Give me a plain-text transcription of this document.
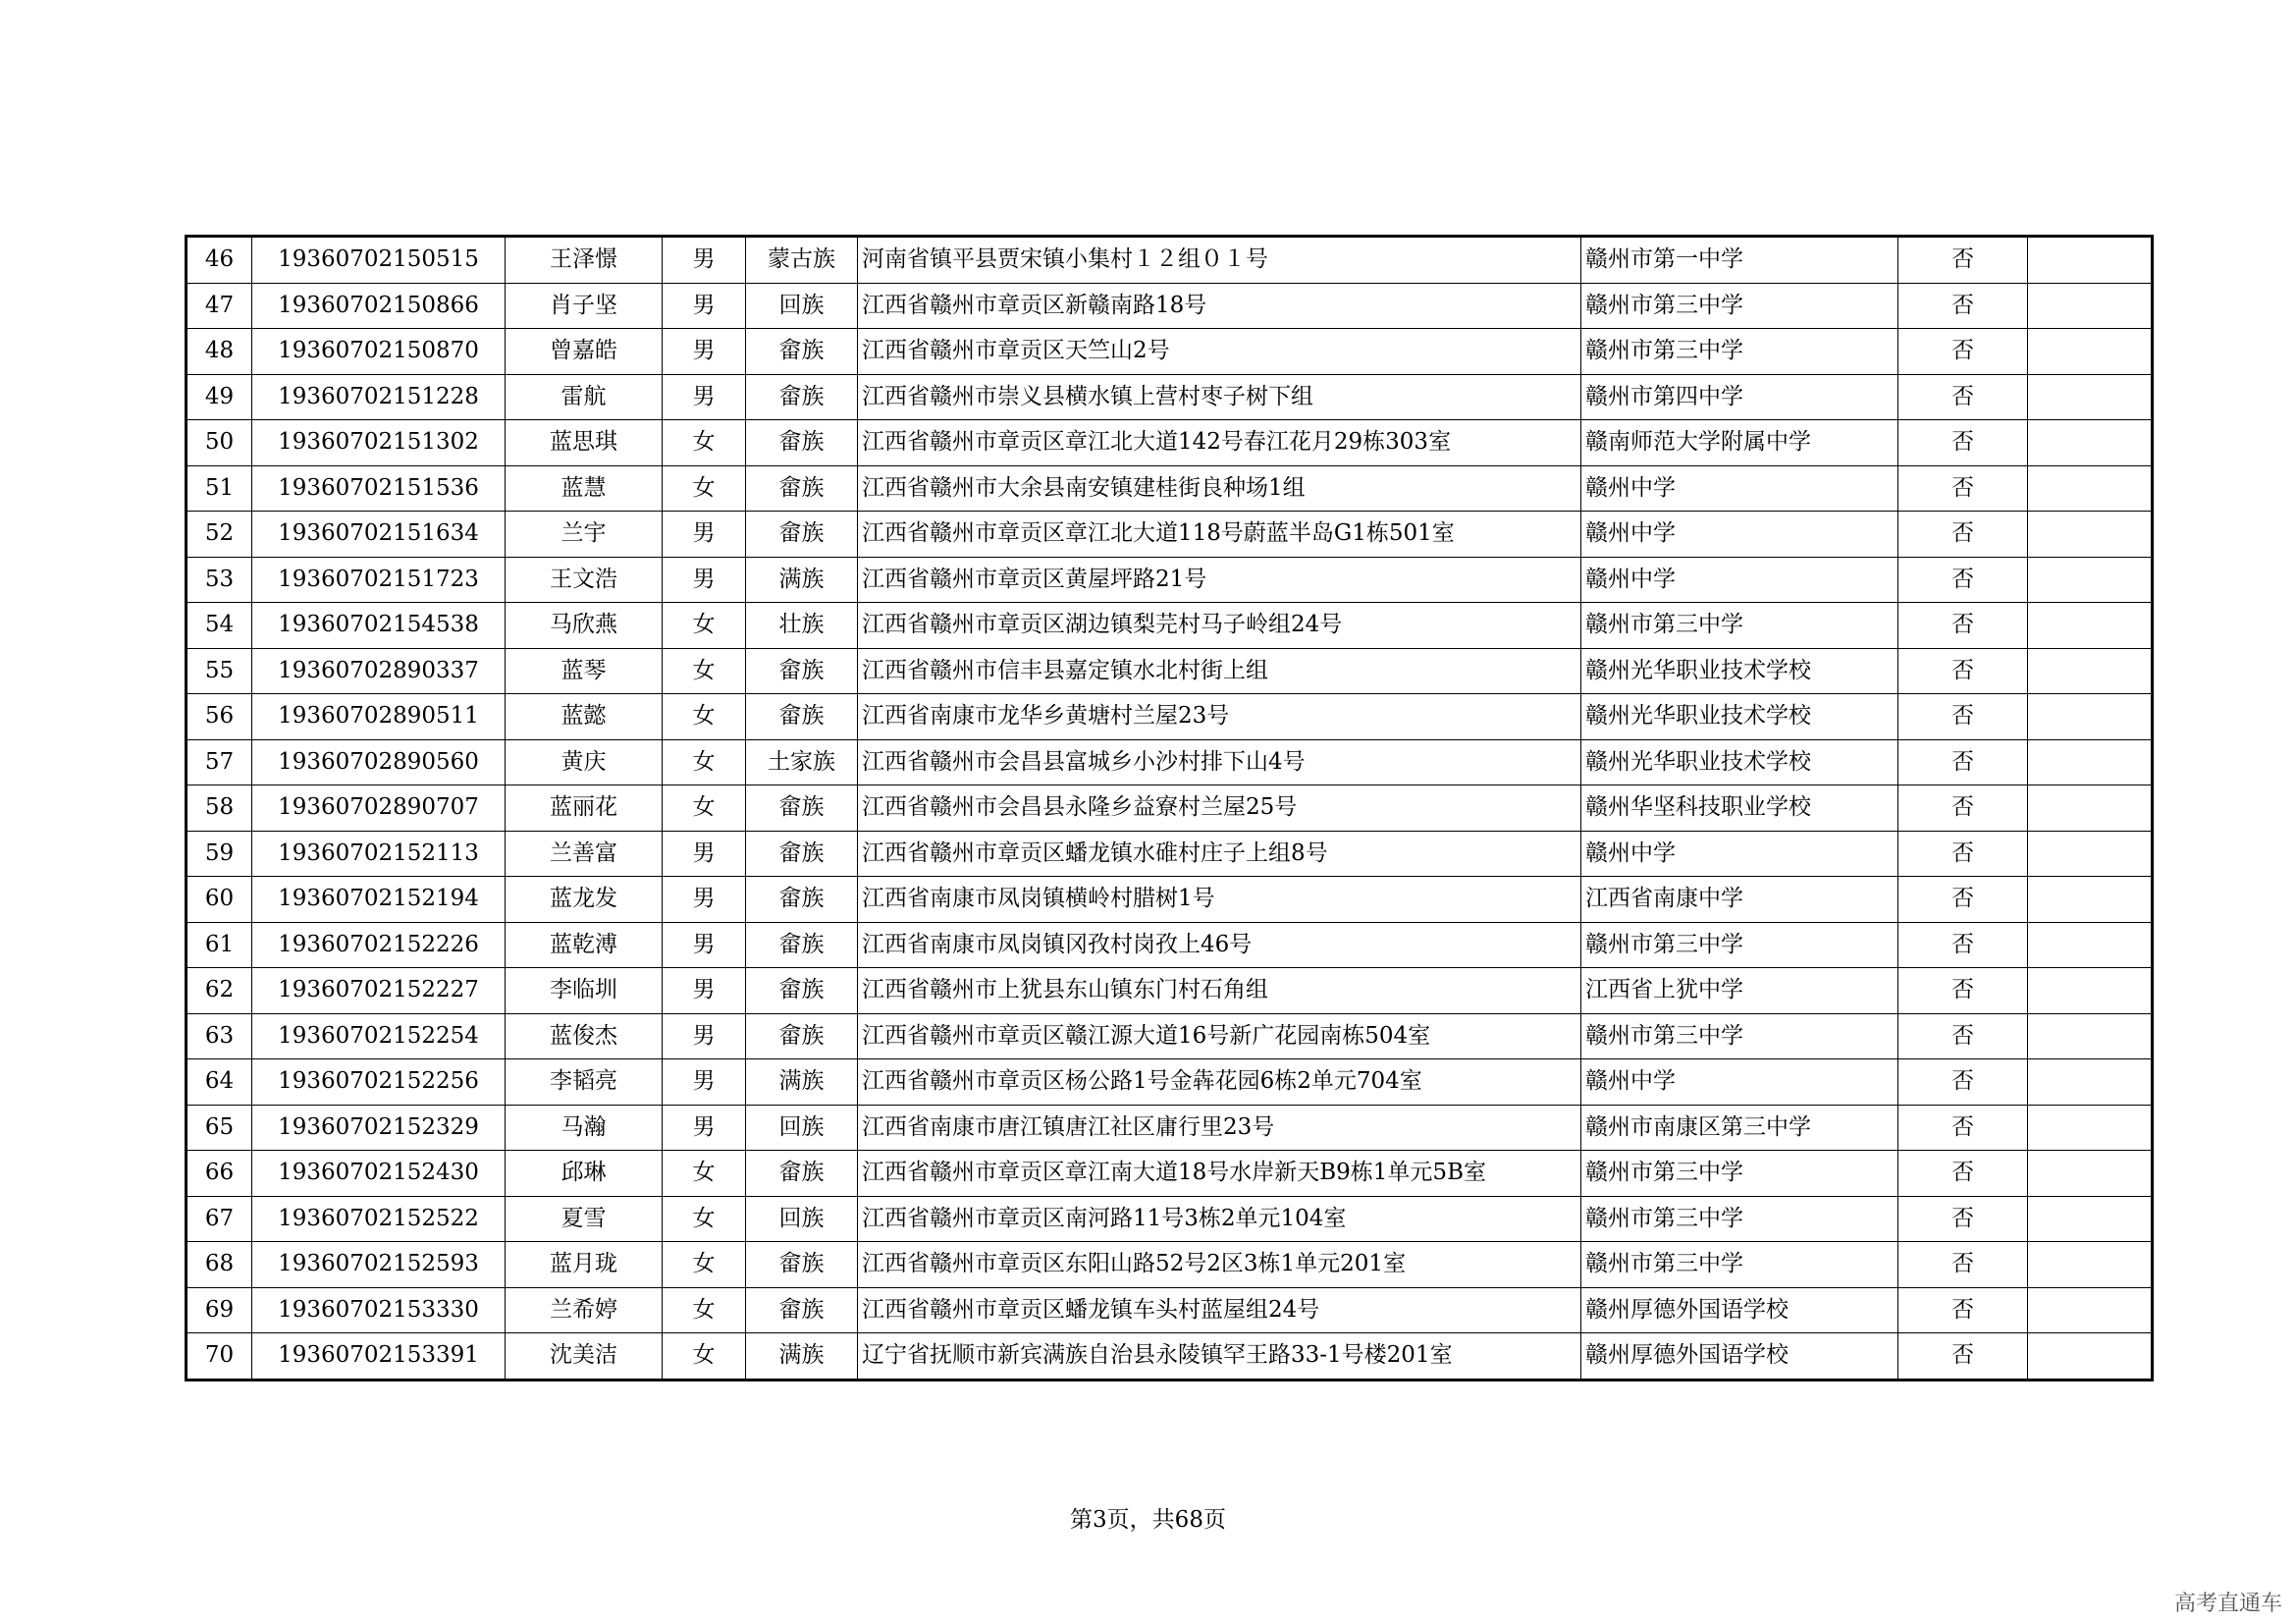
46	19360702150515	王泽憬	男	蒙古族	河南省镇平县贾宋镇小集村１２组０１号	赣州市第一中学	否	
47	19360702150866	肖子坚	男	回族	江西省赣州市章贡区新赣南路18号	赣州市第三中学	否	
48	19360702150870	曾嘉皓	男	畲族	江西省赣州市章贡区天竺山2号	赣州市第三中学	否	
49	19360702151228	雷航	男	畲族	江西省赣州市崇义县横水镇上营村枣子树下组	赣州市第四中学	否	
50	19360702151302	蓝思琪	女	畲族	江西省赣州市章贡区章江北大道142号春江花月29栋303室	赣南师范大学附属中学	否	
51	19360702151536	蓝慧	女	畲族	江西省赣州市大余县南安镇建桂街良种场1组	赣州中学	否	
52	19360702151634	兰宇	男	畲族	江西省赣州市章贡区章江北大道118号蔚蓝半岛G1栋501室	赣州中学	否	
53	19360702151723	王文浩	男	满族	江西省赣州市章贡区黄屋坪路21号	赣州中学	否	
54	19360702154538	马欣燕	女	壮族	江西省赣州市章贡区湖边镇梨芫村马子岭组24号	赣州市第三中学	否	
55	19360702890337	蓝琴	女	畲族	江西省赣州市信丰县嘉定镇水北村街上组	赣州光华职业技术学校	否	
56	19360702890511	蓝懿	女	畲族	江西省南康市龙华乡黄塘村兰屋23号	赣州光华职业技术学校	否	
57	19360702890560	黄庆	女	土家族	江西省赣州市会昌县富城乡小沙村排下山4号	赣州光华职业技术学校	否	
58	19360702890707	蓝丽花	女	畲族	江西省赣州市会昌县永隆乡益寮村兰屋25号	赣州华坚科技职业学校	否	
59	19360702152113	兰善富	男	畲族	江西省赣州市章贡区蟠龙镇水碓村庄子上组8号	赣州中学	否	
60	19360702152194	蓝龙发	男	畲族	江西省南康市凤岗镇横岭村腊树1号	江西省南康中学	否	
61	19360702152226	蓝乾溥	男	畲族	江西省南康市凤岗镇冈孜村岗孜上46号	赣州市第三中学	否	
62	19360702152227	李临圳	男	畲族	江西省赣州市上犹县东山镇东门村石角组	江西省上犹中学	否	
63	19360702152254	蓝俊杰	男	畲族	江西省赣州市章贡区赣江源大道16号新广花园南栋504室	赣州市第三中学	否	
64	19360702152256	李韬亮	男	满族	江西省赣州市章贡区杨公路1号金犇花园6栋2单元704室	赣州中学	否	
65	19360702152329	马瀚	男	回族	江西省南康市唐江镇唐江社区庸行里23号	赣州市南康区第三中学	否	
66	19360702152430	邱琳	女	畲族	江西省赣州市章贡区章江南大道18号水岸新天B9栋1单元5B室	赣州市第三中学	否	
67	19360702152522	夏雪	女	回族	江西省赣州市章贡区南河路11号3栋2单元104室	赣州市第三中学	否	
68	19360702152593	蓝月珑	女	畲族	江西省赣州市章贡区东阳山路52号2区3栋1单元201室	赣州市第三中学	否	
69	19360702153330	兰希婷	女	畲族	江西省赣州市章贡区蟠龙镇车头村蓝屋组24号	赣州厚德外国语学校	否	
70	19360702153391	沈美洁	女	满族	辽宁省抚顺市新宾满族自治县永陵镇罕王路33-1号楼201室	赣州厚德外国语学校	否	
第3页，共68页
高考直通车
